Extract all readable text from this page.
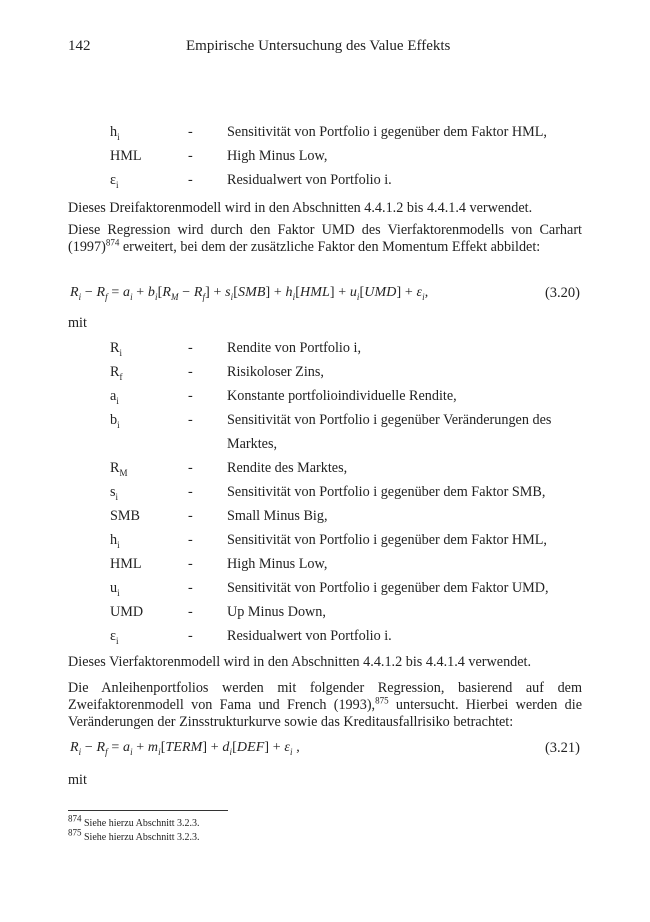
142	Empirische Untersuchung des Value Effekts
$h_i$	- Sensitivität von Portfolio i gegenüber dem Faktor HML,
HML	- High Minus Low,
$\varepsilon_i$	- Residualwert von Portfolio i.
Dieses Dreifaktorenmodell wird in den Abschnitten 4.4.1.2 bis 4.4.1.4 verwendet.
Diese Regression wird durch den Faktor UMD des Vierfaktorenmodells von Carhart $(1997)^{874}$ erweitert, bei dem der zusätzliche Faktor den Momentum Effekt abbildet:
$R_i - R_f = a_i + b_i[R_M - R_f] + s_i[SMB] + h_i[HML] + u_i[UMD] + \varepsilon_i$,	(3.20)
mit
$R_i$	- Rendite von Portfolio i,
$R_f$	- Risikoloser Zins,
$a_i$	- Konstante portfolioindividuelle Rendite,
$b_i$	- Sensitivität von Portfolio i gegenüber Veränderungen des Marktes,
$R_M$	- Rendite des Marktes,
$s_i$	- Sensitivität von Portfolio i gegenüber dem Faktor SMB,
SMB	- Small Minus Big,
$h_i$	- Sensitivität von Portfolio i gegenüber dem Faktor HML,
HML	- High Minus Low,
$u_i$	- Sensitivität von Portfolio i gegenüber dem Faktor UMD,
UMD	- Up Minus Down,
$\varepsilon_i$	- Residualwert von Portfolio i.
Dieses Vierfaktorenmodell wird in den Abschnitten 4.4.1.2 bis 4.4.1.4 verwendet.
Die Anleihenportfolios werden mit folgender Regression, basierend auf dem Zweifaktorenmodell von Fama und French (1993),$^{875}$ untersucht. Hierbei werden die Veränderungen der Zinsstrukturkurve sowie das Kreditausfallrisiko betrachtet:
$R_i - R_f = a_i$ + $m_i[TERM] + d_i[DEF] + \varepsilon_i$ ,	(3.21)
mit
$^{874}$ Siehe hierzu Abschnitt 3.2.3.
$^{875}$ Siehe hierzu Abschnitt 3.2.3.
